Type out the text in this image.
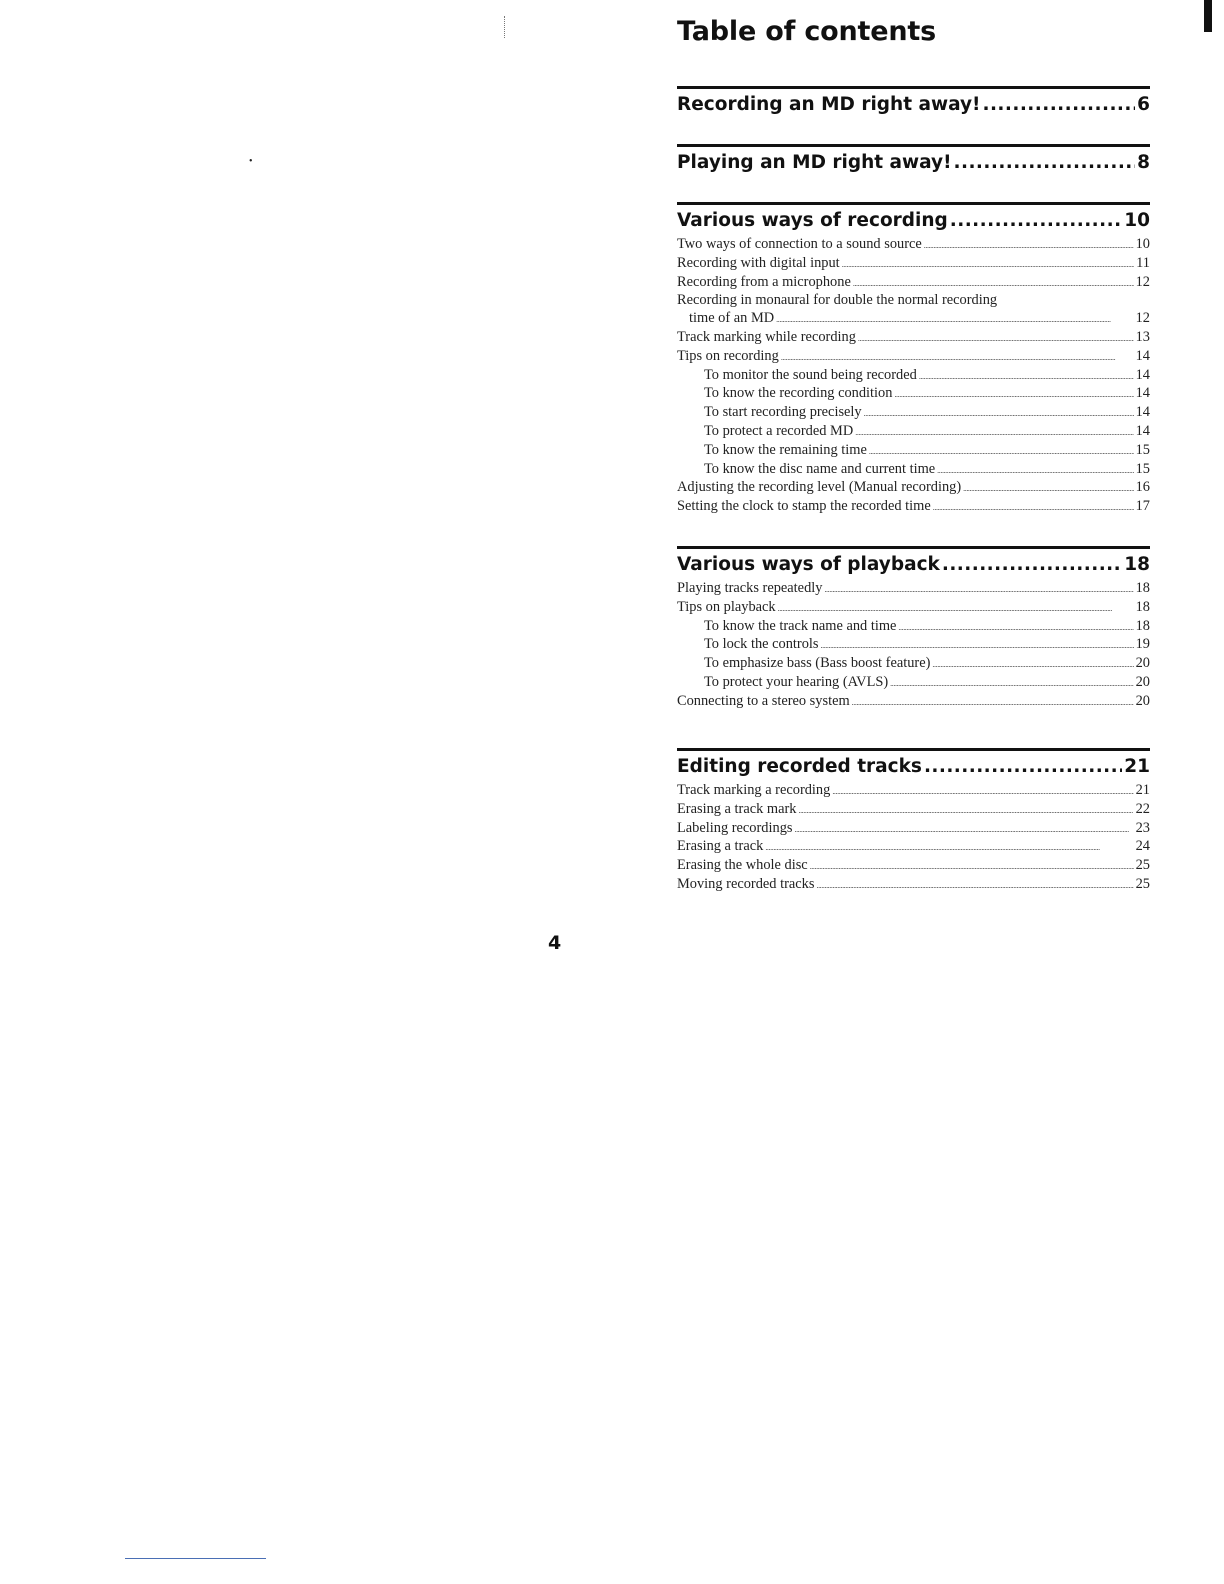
•
Table of contents
Recording an MD right away! . . .	6
Playing an MD right away! . . .	8
Various ways of recording . . .	10
Two ways of connection to a sound source . . .	10
Recording with digital input . . .	11
Recording from a microphone . . .	12
Recording in monaural for double the normal recording
time of an MD . . .	12
Track marking while recording . . .	13
Tips on recording . . .	14
To monitor the sound being recorded . . .	14
To know the recording condition . . .	14
To start recording precisely . . .	14
To protect a recorded MD . . .	14
To know the remaining time . . .	15
To know the disc name and current time . . .	15
Adjusting the recording level (Manual recording) . . .	16
Setting the clock to stamp the recorded time . . .	17
Various ways of playback . . .	18
Playing tracks repeatedly . . .	18
Tips on playback . . .	18
To know the track name and time . . .	18
To lock the controls . . .	19
To emphasize bass (Bass boost feature) . . .	20
To protect your hearing (AVLS) . . .	20
Connecting to a stereo system . . .	20
Editing recorded tracks . . .	21
Track marking a recording . . .	21
Erasing a track mark . . .	22
Labeling recordings . . .	23
Erasing a track . . .	24
Erasing the whole disc . . .	25
Moving recorded tracks . . .	25
4
